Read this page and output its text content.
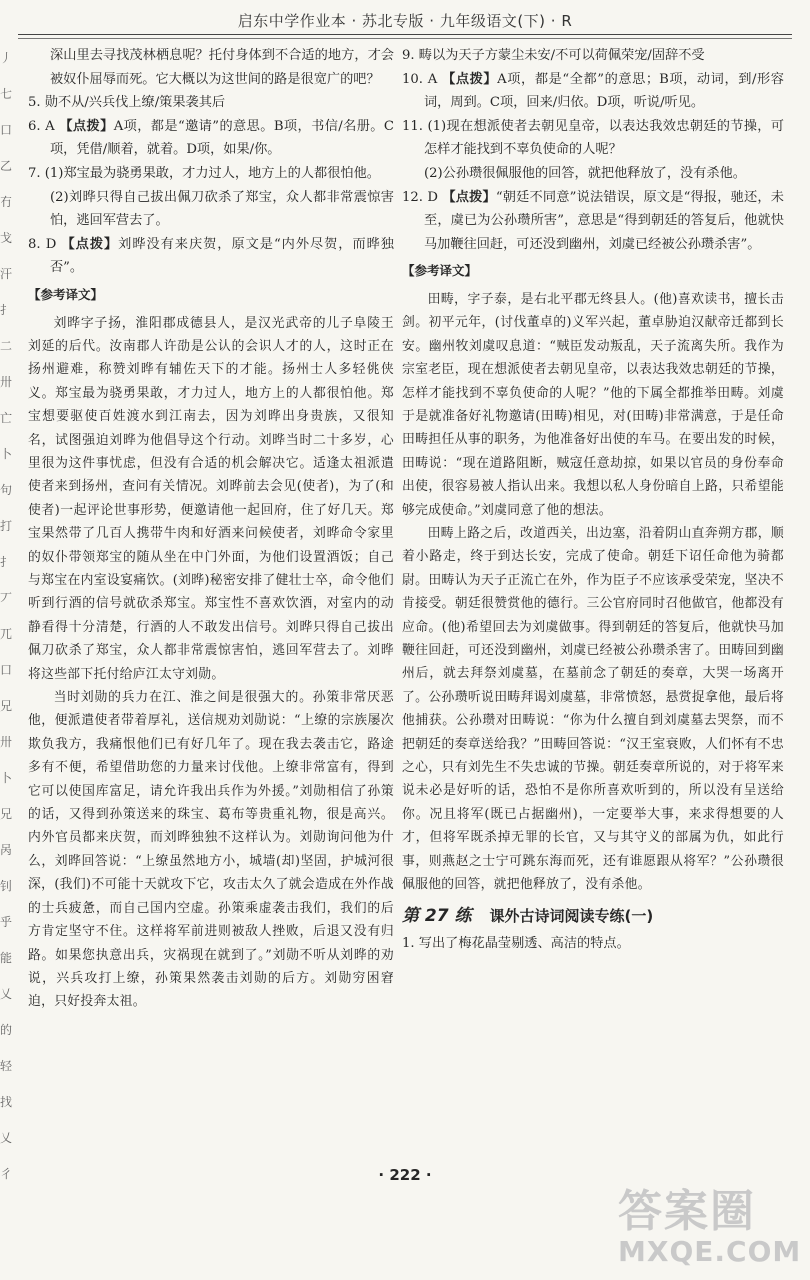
启东中学作业本 · 苏北专版 · 九年级语文(下) · R
丿
七
口
乙
冇
戈
汗
扌
二
卅
亡
卜
句
打
扌
丆
兀
口
兄
卅
卜
兄
呙
钊
乎
能
乂
的
轻
找
乂
彳

深山里去寻找茂林栖息呢？托付身体到不合适的地方，才会被奴仆屈辱而死。它大概以为这世间的路是很宽广的吧？

5. 勋不从/兴兵伐上缭/策果袭其后

6. A 【点拨】A项，都是“邀请”的意思。B项，书信/名册。C项，凭借/顺着，就着。D项，如果/你。

7. (1)郑宝最为骁勇果敢，才力过人，地方上的人都很怕他。

(2)刘晔只得自己拔出佩刀砍杀了郑宝，众人都非常震惊害怕，逃回军营去了。

8. D 【点拨】刘晔没有来庆贺，原文是“内外尽贺，而晔独否”。

【参考译文】

刘晔字子扬，淮阳郡成德县人，是汉光武帝的儿子阜陵王刘延的后代。汝南郡人许劭是公认的会识人才的人，这时正在扬州避难，称赞刘晔有辅佐天下的才能。扬州士人多轻佻侠义。郑宝最为骁勇果敢，才力过人，地方上的人都很怕他。郑宝想要驱使百姓渡水到江南去，因为刘晔出身贵族，又很知名，试图强迫刘晔为他倡导这个行动。刘晔当时二十多岁，心里很为这件事忧虑，但没有合适的机会解决它。适逢太祖派遣使者来到扬州，查问有关情况。刘晔前去会见(使者)，为了(和使者)一起评论世事形势，便邀请他一起回府，住了好几天。郑宝果然带了几百人携带牛肉和好酒来问候使者，刘晔命令家里的奴仆带领郑宝的随从坐在中门外面，为他们设置酒饭；自己与郑宝在内室设宴痛饮。(刘晔)秘密安排了健壮士卒，命令他们听到行酒的信号就砍杀郑宝。郑宝性不喜欢饮酒，对室内的动静看得十分清楚，行酒的人不敢发出信号。刘晔只得自己拔出佩刀砍杀了郑宝，众人都非常震惊害怕，逃回军营去了。刘晔将这些部下托付给庐江太守刘勋。

当时刘勋的兵力在江、淮之间是很强大的。孙策非常厌恶他，便派遣使者带着厚礼，送信规劝刘勋说：“上缭的宗族屡次欺负我方，我痛恨他们已有好几年了。现在我去袭击它，路途多有不便，希望借助您的力量来讨伐他。上缭非常富有，得到它可以使国库富足，请允许我出兵作为外援。”刘勋相信了孙策的话，又得到孙策送来的珠宝、葛布等贵重礼物，很是高兴。内外官员都来庆贺，而刘晔独独不这样认为。刘勋询问他为什么，刘晔回答说：“上缭虽然地方小，城墙(却)坚固，护城河很深，(我们)不可能十天就攻下它，攻击太久了就会造成在外作战的士兵疲惫，而自己国内空虚。孙策乘虚袭击我们，我们的后方肯定坚守不住。这样将军前进则被敌人挫败，后退又没有归路。如果您执意出兵，灾祸现在就到了。”刘勋不听从刘晔的劝说，兴兵攻打上缭，孙策果然袭击刘勋的后方。刘勋穷困窘迫，只好投奔太祖。

9. 畴以为天子方蒙尘未安/不可以荷佩荣宠/固辞不受

10. A 【点拨】A项，都是“全都”的意思；B项，动词，到/形容词，周到。C项，回来/归依。D项，听说/听见。

11. (1)现在想派使者去朝见皇帝，以表达我效忠朝廷的节操，可怎样才能找到不辜负使命的人呢？

(2)公孙瓒很佩服他的回答，就把他释放了，没有杀他。

12. D 【点拨】“朝廷不同意”说法错误，原文是“得报，驰还，未至，虞已为公孙瓒所害”，意思是“得到朝廷的答复后，他就快马加鞭往回赶，可还没到幽州，刘虞已经被公孙瓒杀害”。

【参考译文】

田畴，字子泰，是右北平郡无终县人。(他)喜欢读书，擅长击剑。初平元年，(讨伐董卓的)义军兴起，董卓胁迫汉献帝迁都到长安。幽州牧刘虞叹息道：“贼臣发动叛乱，天子流离失所。我作为宗室老臣，现在想派使者去朝见皇帝，以表达我效忠朝廷的节操，怎样才能找到不辜负使命的人呢？”他的下属全都推举田畴。刘虞于是就准备好礼物邀请(田畴)相见，对(田畴)非常满意，于是任命田畴担任从事的职务，为他准备好出使的车马。在要出发的时候，田畴说：“现在道路阻断，贼寇任意劫掠，如果以官员的身份奉命出使，很容易被人指认出来。我想以私人身份暗自上路，只希望能够完成使命。”刘虞同意了他的想法。

田畴上路之后，改道西关，出边塞，沿着阴山直奔朔方郡，顺着小路走，终于到达长安，完成了使命。朝廷下诏任命他为骑都尉。田畴认为天子正流亡在外，作为臣子不应该承受荣宠，坚决不肯接受。朝廷很赞赏他的德行。三公官府同时召他做官，他都没有应命。(他)希望回去为刘虞做事。得到朝廷的答复后，他就快马加鞭往回赶，可还没到幽州，刘虞已经被公孙瓒杀害了。田畴回到幽州后，就去拜祭刘虞墓，在墓前念了朝廷的奏章，大哭一场离开了。公孙瓒听说田畴拜谒刘虞墓，非常愤怒，悬赏捉拿他，最后将他捕获。公孙瓒对田畴说：“你为什么擅自到刘虞墓去哭祭，而不把朝廷的奏章送给我？”田畴回答说：“汉王室衰败，人们怀有不忠之心，只有刘先生不失忠诚的节操。朝廷奏章所说的，对于将军来说未必是好听的话，恐怕不是你所喜欢听到的，所以没有呈送给你。况且将军(既已占据幽州)，一定要举大事，来求得想要的人才，但将军既杀掉无罪的长官，又与其守义的部属为仇，如此行事，则燕赵之士宁可跳东海而死，还有谁愿跟从将军？”公孙瓒很佩服他的回答，就把他释放了，没有杀他。

第 27 练 课外古诗词阅读专练(一)

1. 写出了梅花晶莹剔透、高洁的特点。

· 222 ·
答案圈
MXQE.COM
